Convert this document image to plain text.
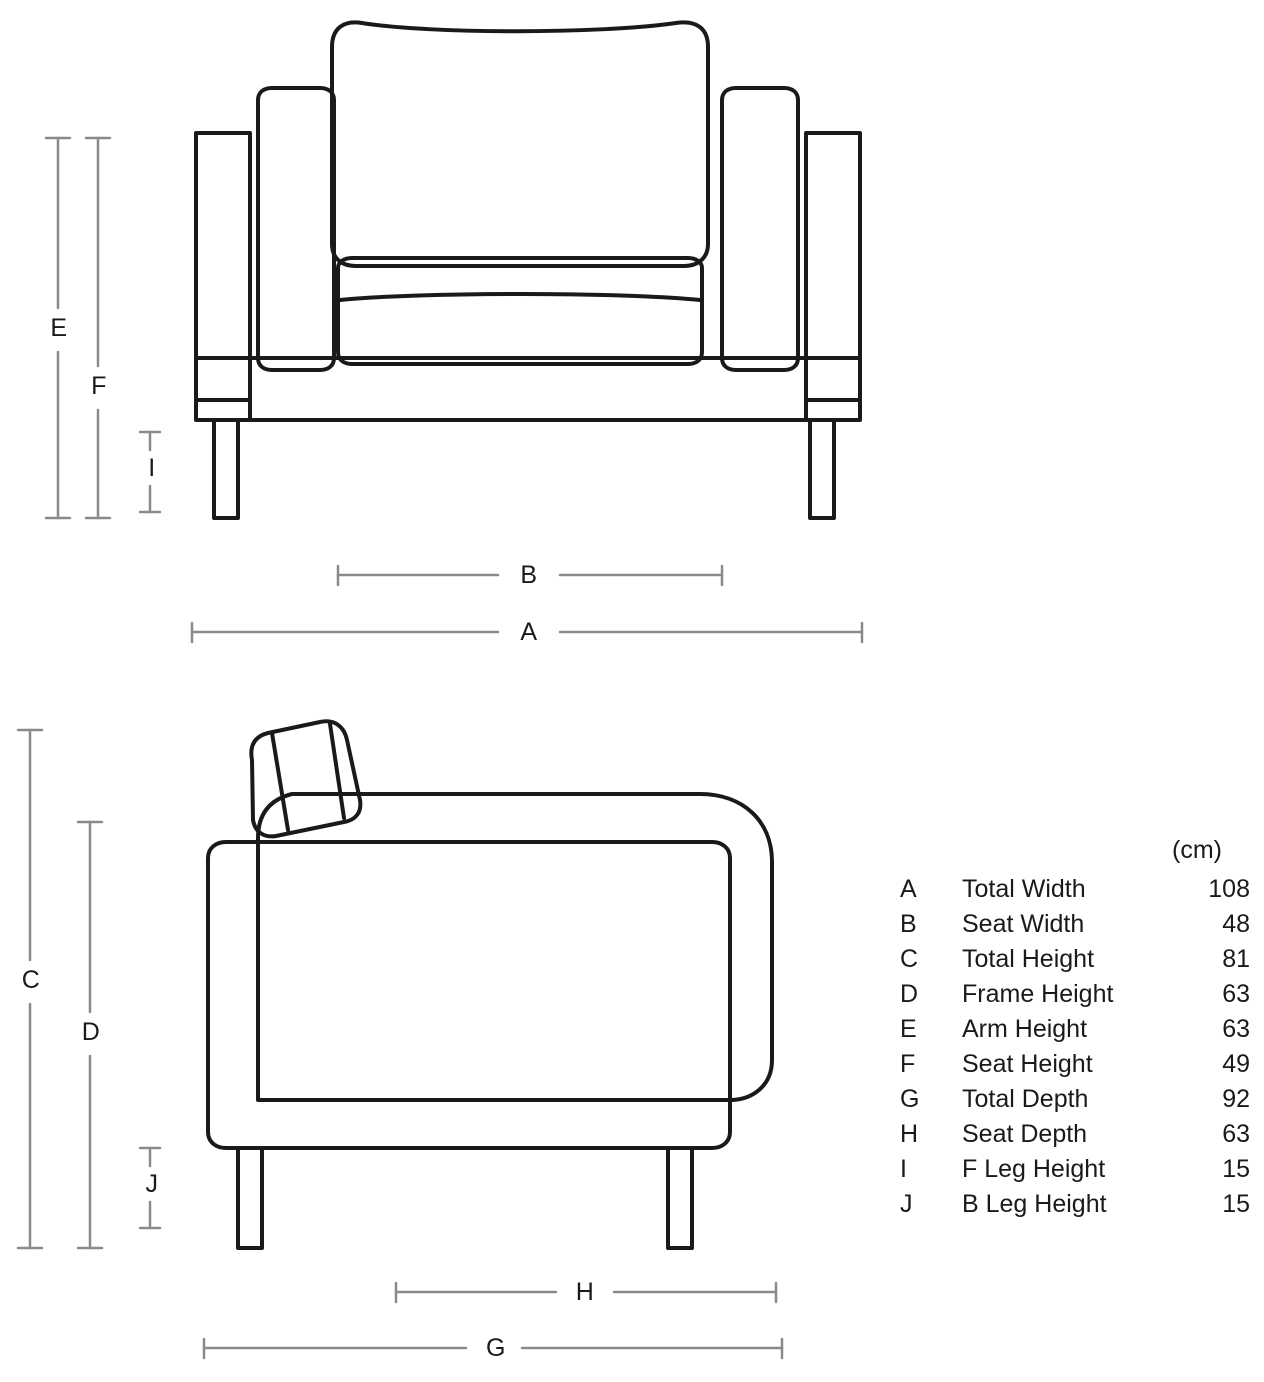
E
F
I
B
A
C
D
J
H
G
(cm)
A	Total Width	108
B	Seat Width	48
C	Total Height	81
D	Frame Height	63
E	Arm Height	63
F	Seat Height	49
G	Total Depth	92
H	Seat Depth	63
I	F Leg Height	15
J	B Leg Height	15
